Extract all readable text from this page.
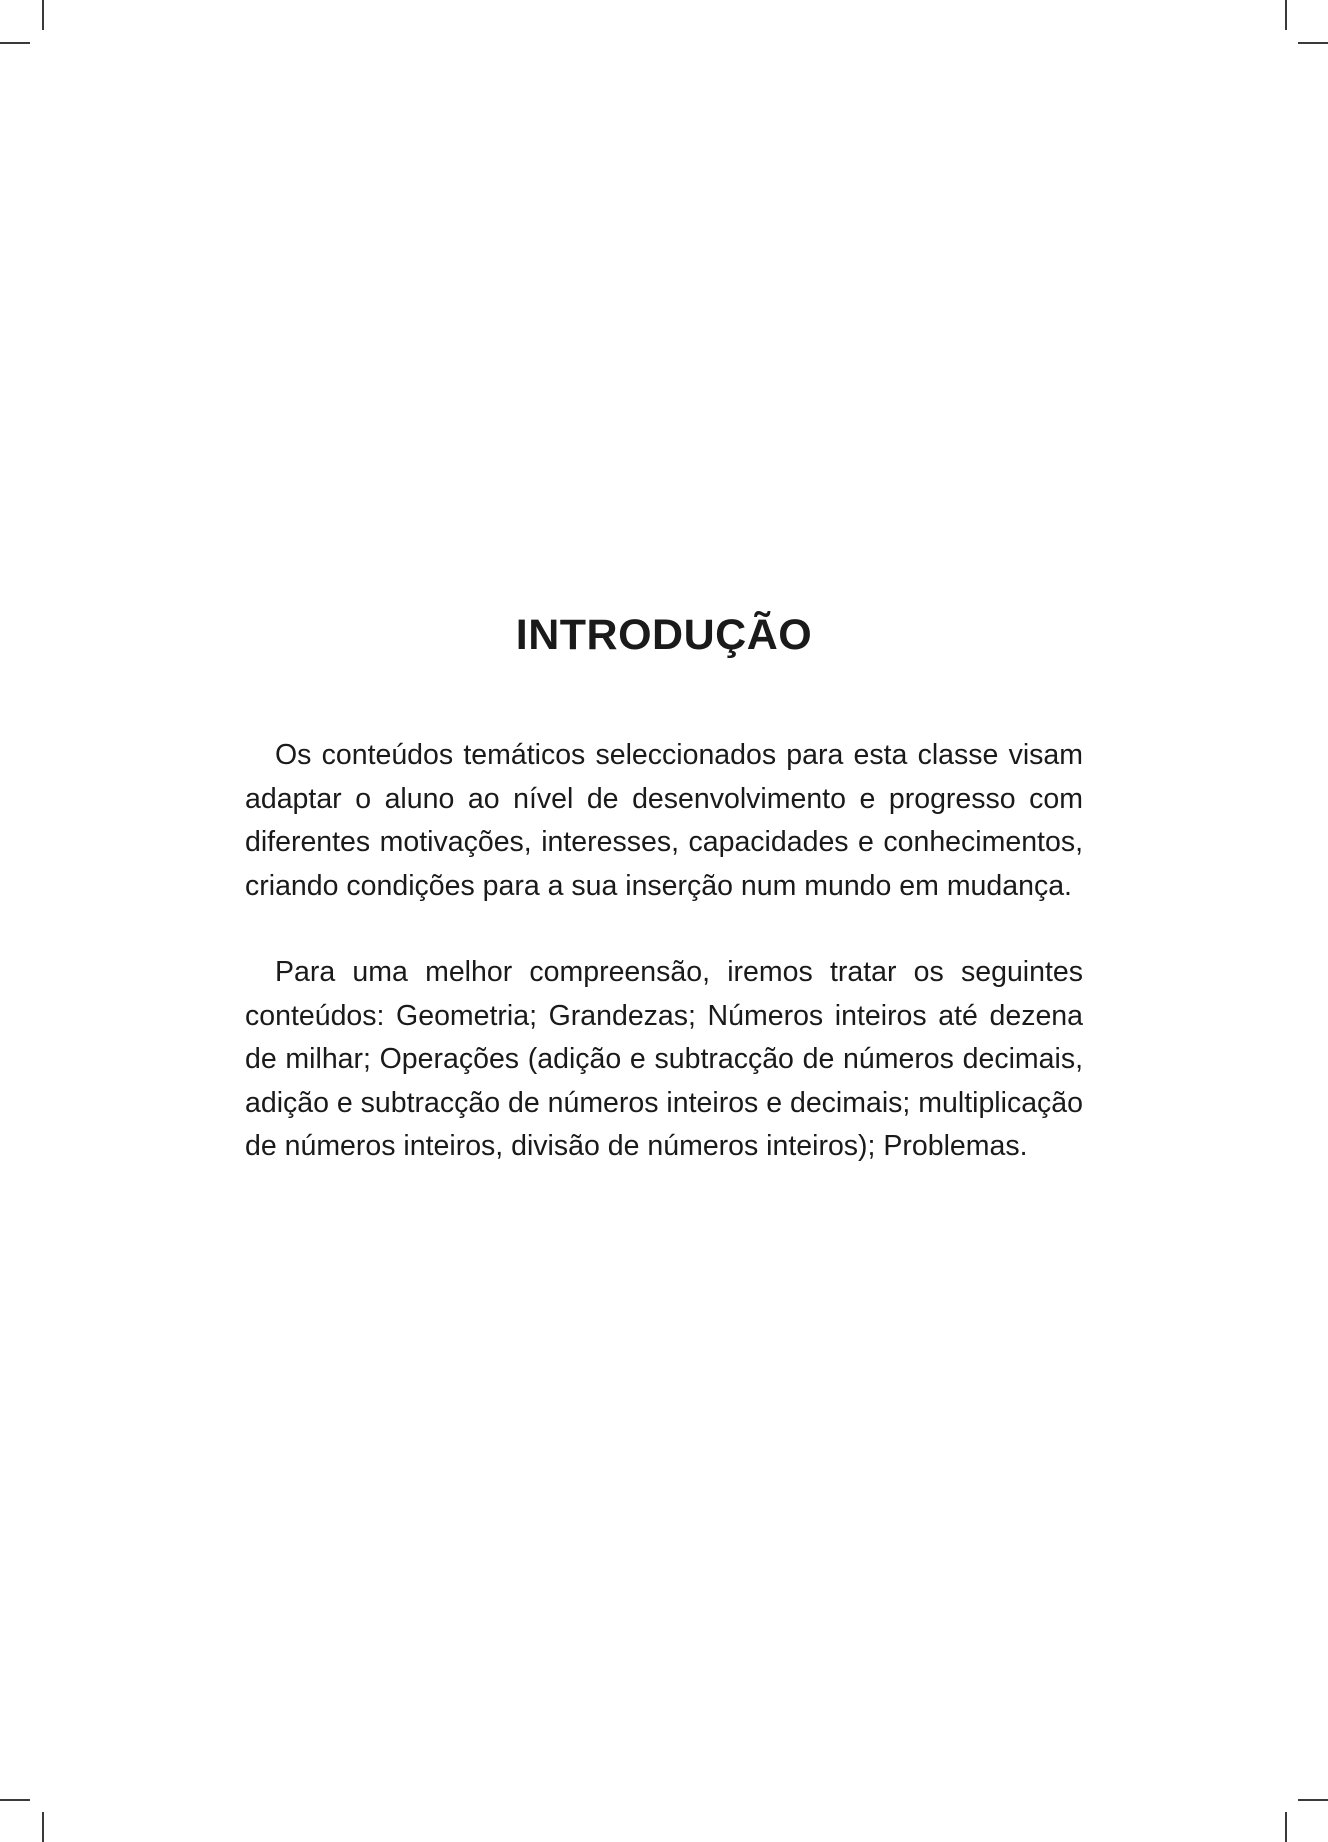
INTRODUÇÃO

Os conteúdos temáticos seleccionados para esta classe visam adaptar o aluno ao nível de desenvolvimento e progresso com diferentes motivações, interesses, capacidades e conhecimentos, criando condições para a sua inserção num mundo em mudança.

Para uma melhor compreensão, iremos tratar os seguintes conteúdos: Geometria; Grandezas; Números inteiros até dezena de milhar; Operações (adição e subtracção de números decimais, adição e subtracção de números inteiros e decimais; multiplicação de números inteiros, divisão de números inteiros); Problemas.
